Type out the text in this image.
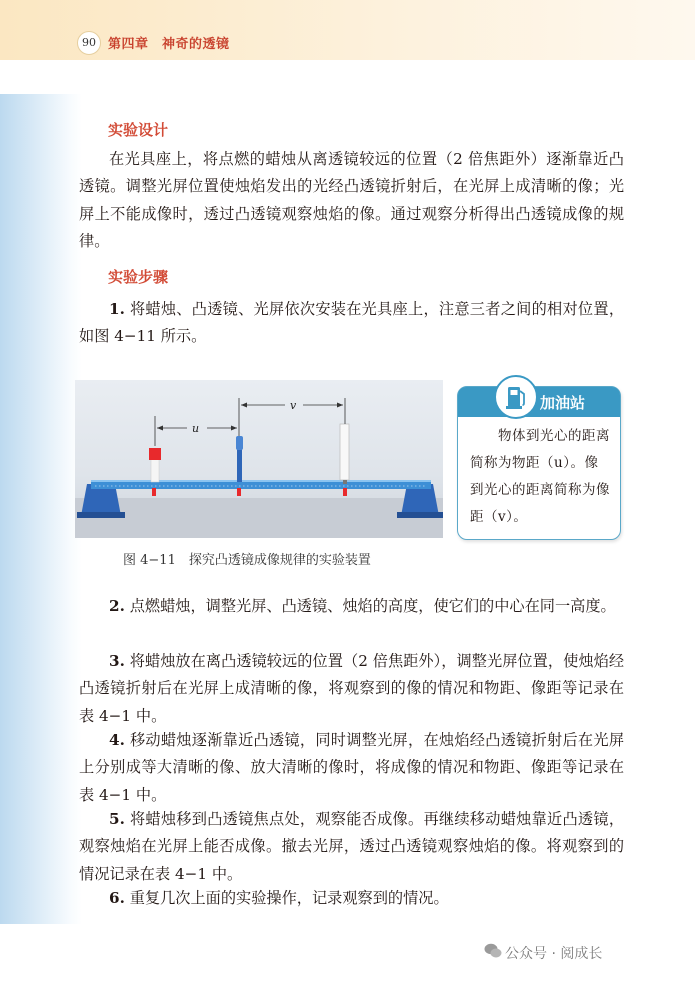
90 第四章　神奇的透镜
实验设计

在光具座上，将点燃的蜡烛从离透镜较远的位置（2 倍焦距外）逐渐靠近凸透镜。调整光屏位置使烛焰发出的光经凸透镜折射后，在光屏上成清晰的像；光屏上不能成像时，透过凸透镜观察烛焰的像。通过观察分析得出凸透镜成像的规律。

实验步骤

1. 将蜡烛、凸透镜、光屏依次安装在光具座上，注意三者之间的相对位置，如图 4−11 所示。

u
v
图 4−11　探究凸透镜成像规律的实验装置
加油站

物体到光心的距离简称为物距（u）。像到光心的距离简称为像距（v）。

2. 点燃蜡烛，调整光屏、凸透镜、烛焰的高度，使它们的中心在同一高度。

3. 将蜡烛放在离凸透镜较远的位置（2 倍焦距外），调整光屏位置，使烛焰经凸透镜折射后在光屏上成清晰的像，将观察到的像的情况和物距、像距等记录在表 4−1 中。

4. 移动蜡烛逐渐靠近凸透镜，同时调整光屏，在烛焰经凸透镜折射后在光屏上分别成等大清晰的像、放大清晰的像时，将成像的情况和物距、像距等记录在表 4−1 中。

5. 将蜡烛移到凸透镜焦点处，观察能否成像。再继续移动蜡烛靠近凸透镜，观察烛焰在光屏上能否成像。撤去光屏，透过凸透镜观察烛焰的像。将观察到的情况记录在表 4−1 中。

6. 重复几次上面的实验操作，记录观察到的情况。

公众号 · 阅成长
